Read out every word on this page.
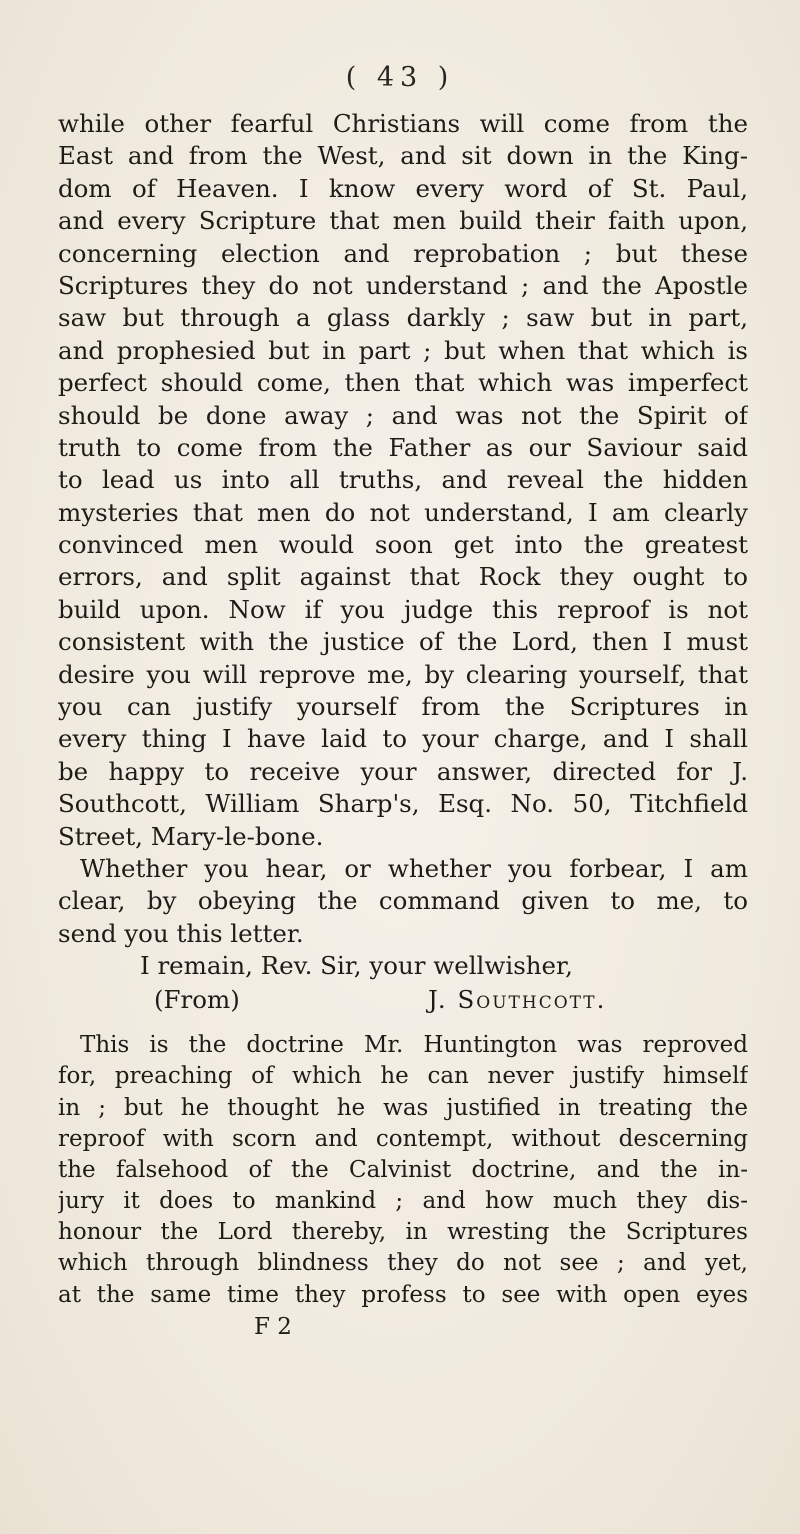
( 43 )
while other fearful Christians will come from the
East and from the West, and sit down in the King-
dom of Heaven. I know every word of St. Paul,
and every Scripture that men build their faith upon,
concerning election and reprobation ; but these
Scriptures they do not understand ; and the Apostle
saw but through a glass darkly ; saw but in part,
and prophesied but in part ; but when that which is
perfect should come, then that which was imperfect
should be done away ; and was not the Spirit of
truth to come from the Father as our Saviour said
to lead us into all truths, and reveal the hidden
mysteries that men do not understand, I am clearly
convinced men would soon get into the greatest
errors, and split against that Rock they ought to
build upon. Now if you judge this reproof is not
consistent with the justice of the Lord, then I must
desire you will reprove me, by clearing yourself, that
you can justify yourself from the Scriptures in
every thing I have laid to your charge, and I shall
be happy to receive your answer, directed for J.
Southcott, William Sharp's, Esq. No. 50, Titchfield
Street, Mary-le-bone.
Whether you hear, or whether you forbear, I am
clear, by obeying the command given to me, to
send you this letter.
I remain, Rev. Sir, your wellwisher,
(From)	J. Southcott.
This is the doctrine Mr. Huntington was reproved
for, preaching of which he can never justify himself
in ; but he thought he was justified in treating the
reproof with scorn and contempt, without descerning
the falsehood of the Calvinist doctrine, and the in-
jury it does to mankind ; and how much they dis-
honour the Lord thereby, in wresting the Scriptures
which through blindness they do not see ; and yet,
at the same time they profess to see with open eyes
F 2
